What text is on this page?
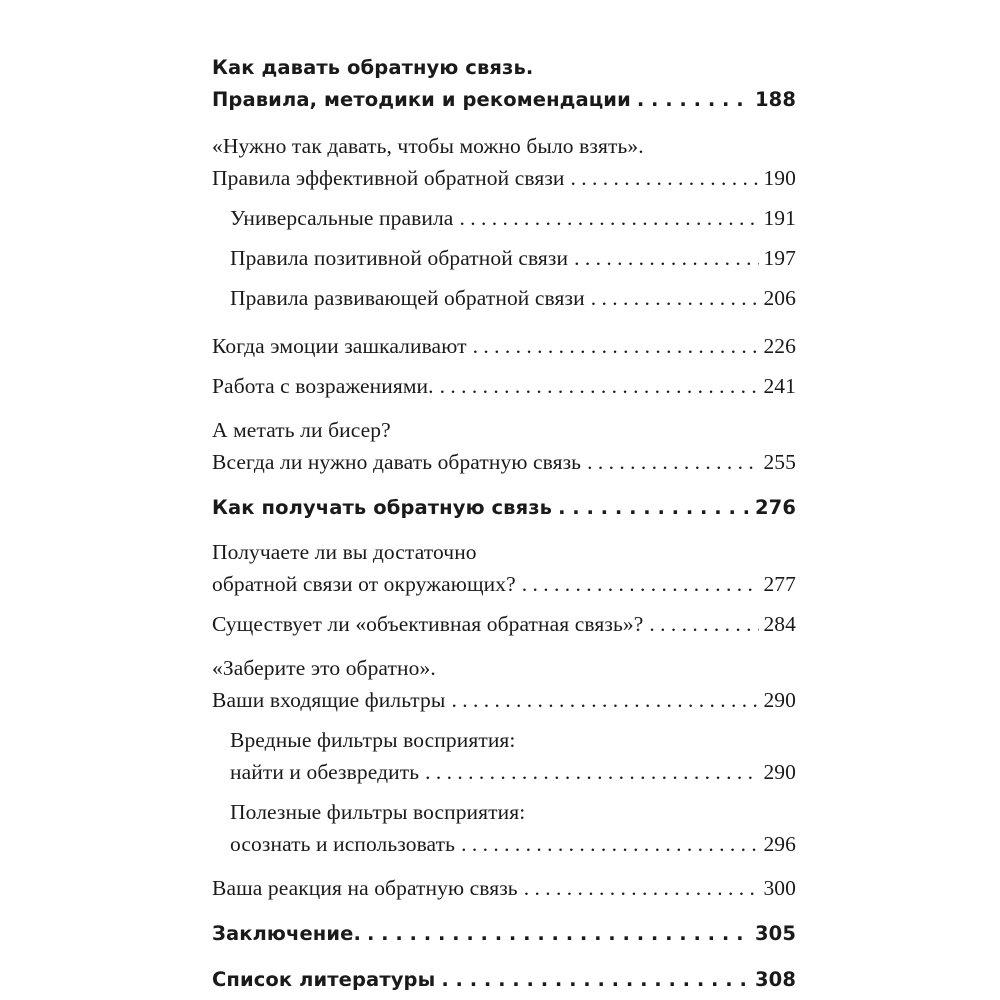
Как давать обратную связь.
Правила, методики и рекомендации . . .	188
«Нужно так давать, чтобы можно было взять».
Правила эффективной обратной связи . . .	190
Универсальные правила . . .	191
Правила позитивной обратной связи . . .	197
Правила развивающей обратной связи . . .	206
Когда эмоции зашкаливают . . .	226
Работа с возражениями. . . .	241
А метать ли бисер?
Всегда ли нужно давать обратную связь . . .	255
Как получать обратную связь . . .	276
Получаете ли вы достаточно
обратной связи от окружающих? . . .	277
Существует ли «объективная обратная связь»? . . .	284
«Заберите это обратно».
Ваши входящие фильтры . . .	290
Вредные фильтры восприятия:
найти и обезвредить . . .	290
Полезные фильтры восприятия:
осознать и использовать . . .	296
Ваша реакция на обратную связь . . .	300
Заключение. . . .	305
Список литературы . . .	308
